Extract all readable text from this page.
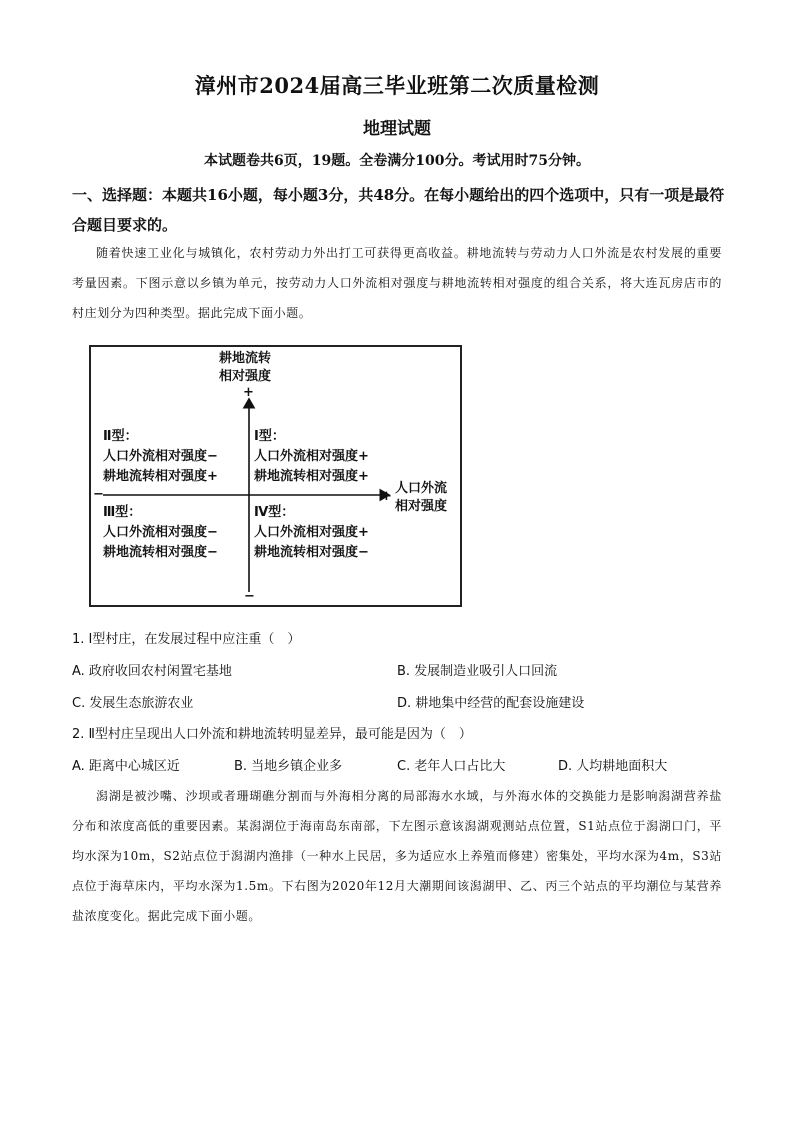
漳州市2024届高三毕业班第二次质量检测
地理试题
本试题卷共6页，19题。全卷满分100分。考试用时75分钟。
一、选择题：本题共16小题，每小题3分，共48分。在每小题给出的四个选项中，只有一项是最符合题目要求的。
随着快速工业化与城镇化，农村劳动力外出打工可获得更高收益。耕地流转与劳动力人口外流是农村发展的重要考量因素。下图示意以乡镇为单元，按劳动力人口外流相对强度与耕地流转相对强度的组合关系，将大连瓦房店市的村庄划分为四种类型。据此完成下面小题。
耕地流转
相对强度
+
−
−	+
人口外流
相对强度
Ⅱ型：
人口外流相对强度−
耕地流转相对强度+
Ⅰ型：
人口外流相对强度+
耕地流转相对强度+
Ⅲ型：
人口外流相对强度−
耕地流转相对强度−
Ⅳ型：
人口外流相对强度+
耕地流转相对强度−
1. Ⅰ型村庄，在发展过程中应注重（　）
A. 政府收回农村闲置宅基地	B. 发展制造业吸引人口回流
C. 发展生态旅游农业	D. 耕地集中经营的配套设施建设
2. Ⅱ型村庄呈现出人口外流和耕地流转明显差异，最可能是因为（　）
A. 距离中心城区近	B. 当地乡镇企业多	C. 老年人口占比大	D. 人均耕地面积大
潟湖是被沙嘴、沙坝或者珊瑚礁分割而与外海相分离的局部海水水域，与外海水体的交换能力是影响潟湖营养盐分布和浓度高低的重要因素。某潟湖位于海南岛东南部，下左图示意该潟湖观测站点位置，S1站点位于潟湖口门，平均水深为10m，S2站点位于潟湖内渔排（一种水上民居，多为适应水上养殖而修建）密集处，平均水深为4m，S3站点位于海草床内，平均水深为1.5m。下右图为2020年12月大潮期间该潟湖甲、乙、丙三个站点的平均潮位与某营养盐浓度变化。据此完成下面小题。
